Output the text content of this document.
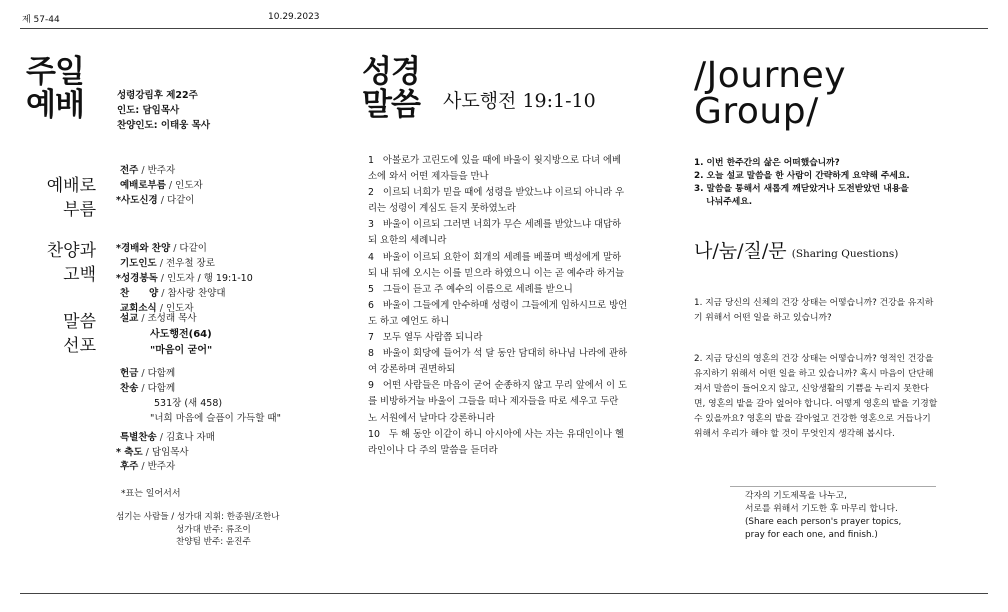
제 57-44	10.29.2023
주일
예배	성령강림후 제22주
인도: 담임목사
찬양인도: 이태웅 목사
예배로
부름
찬양과
고백
말씀
선포
전주 / 반주자
예배로부름 / 인도자
*사도신경 / 다같이
*경배와 찬양 / 다같이
기도인도 / 전우철 장로
*성경봉독 / 인도자 / 행 19:1-10
찬      양 / 참사랑 찬양대
교회소식 / 인도자
설교 / 조성래 목사
사도행전(64)
"마음이 굳어"
헌금 / 다함께
찬송 / 다함께
531장 (새 458)
"너희 마음에 슬픔이 가득할 때"
특별찬송 / 김효나 자매
* 축도 / 담임목사
후주 / 반주자
*표는 일어서서
섬기는 사람들 / 성가대 지휘: 한종원/조한나
성가대 반주: 류조이
찬양팀 반주: 윤진주
성경
말씀 사도행전 19:1-10
1   아볼로가 고린도에 있을 때에 바울이 윗지방으로 다녀 에베
소에 와서 어떤 제자들을 만나
2   이르되 너희가 믿을 때에 성령을 받았느냐 이르되 아니라 우
리는 성령이 계심도 듣지 못하였노라
3   바울이 이르되 그러면 너희가 무슨 세례를 받았느냐 대답하
되 요한의 세례니라
4   바울이 이르되 요한이 회개의 세례를 베풀며 백성에게 말하
되 내 뒤에 오시는 이를 믿으라 하였으니 이는 곧 예수라 하거늘
5   그들이 듣고 주 예수의 이름으로 세례를 받으니
6   바울이 그들에게 안수하매 성령이 그들에게 임하시므로 방언
도 하고 예언도 하니
7   모두 열두 사람쯤 되니라
8   바울이 회당에 들어가 석 달 동안 담대히 하나님 나라에 관하
여 강론하며 권면하되
9   어떤 사람들은 마음이 굳어 순종하지 않고 무리 앞에서 이 도
를 비방하거늘 바울이 그들을 떠나 제자들을 따로 세우고 두란
노 서원에서 날마다 강론하니라
10   두 해 동안 이같이 하니 아시아에 사는 자는 유대인이나 헬
라인이나 다 주의 말씀을 듣더라
/Journey
Group/
1. 이번 한주간의 삶은 어떠했습니까?
2. 오늘 설교 말씀을 한 사람이 간략하게 요약해 주세요.
3. 말씀을 통해서 새롭게 깨닫았거나 도전받았던 내용을
나눠주세요.
나/눔/질/문 (Sharing Questions)
1. 지금 당신의 신체의 건강 상태는 어떻습니까? 건강을 유지하
기 위해서 어떤 일을 하고 있습니까?
2. 지금 당신의 영혼의 건강 상태는 어떻습니까? 영적인 건강을
유지하기 위해서 어떤 일을 하고 있습니까? 혹시 마음이 단단해
져서 말씀이 들어오지 않고, 신앙생활의 기쁨을 누리지 못한다
면, 영혼의 밭을 갈아 엎어야 합니다. 어떻게 영혼의 밭을 기경할
수 있을까요? 영혼의 밭을 갈아엎고 건강한 영혼으로 거듭나기
위해서 우리가 해야 할 것이 무엇인지 생각해 봅시다.
각자의 기도제목을 나누고,
서로를 위해서 기도한 후 마무리 합니다.
(Share each person's prayer topics,
pray for each one, and finish.)
